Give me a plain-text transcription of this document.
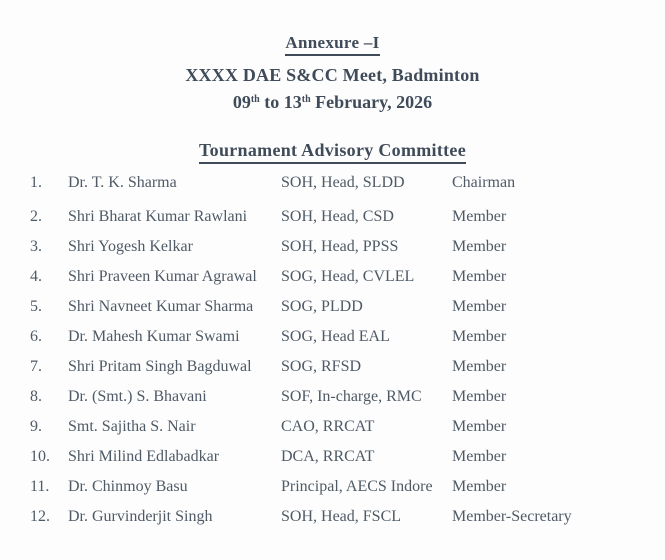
Annexure –I
XXXX DAE S&CC Meet, Badminton
09th to 13th February, 2026
Tournament Advisory Committee
1.	Dr. T. K. Sharma	SOH, Head, SLDD	Chairman
2.	Shri Bharat Kumar Rawlani	SOH, Head, CSD	Member
3.	Shri Yogesh Kelkar	SOH, Head, PPSS	Member
4.	Shri Praveen Kumar Agrawal	SOG, Head, CVLEL	Member
5.	Shri Navneet Kumar Sharma	SOG, PLDD	Member
6.	Dr. Mahesh Kumar Swami	SOG, Head EAL	Member
7.	Shri Pritam Singh Bagduwal	SOG, RFSD	Member
8.	Dr. (Smt.) S. Bhavani	SOF, In-charge, RMC	Member
9.	Smt. Sajitha S. Nair	CAO, RRCAT	Member
10.	Shri Milind Edlabadkar	DCA, RRCAT	Member
11.	Dr. Chinmoy Basu	Principal, AECS Indore	Member
12.	Dr. Gurvinderjit Singh	SOH, Head, FSCL	Member-Secretary
